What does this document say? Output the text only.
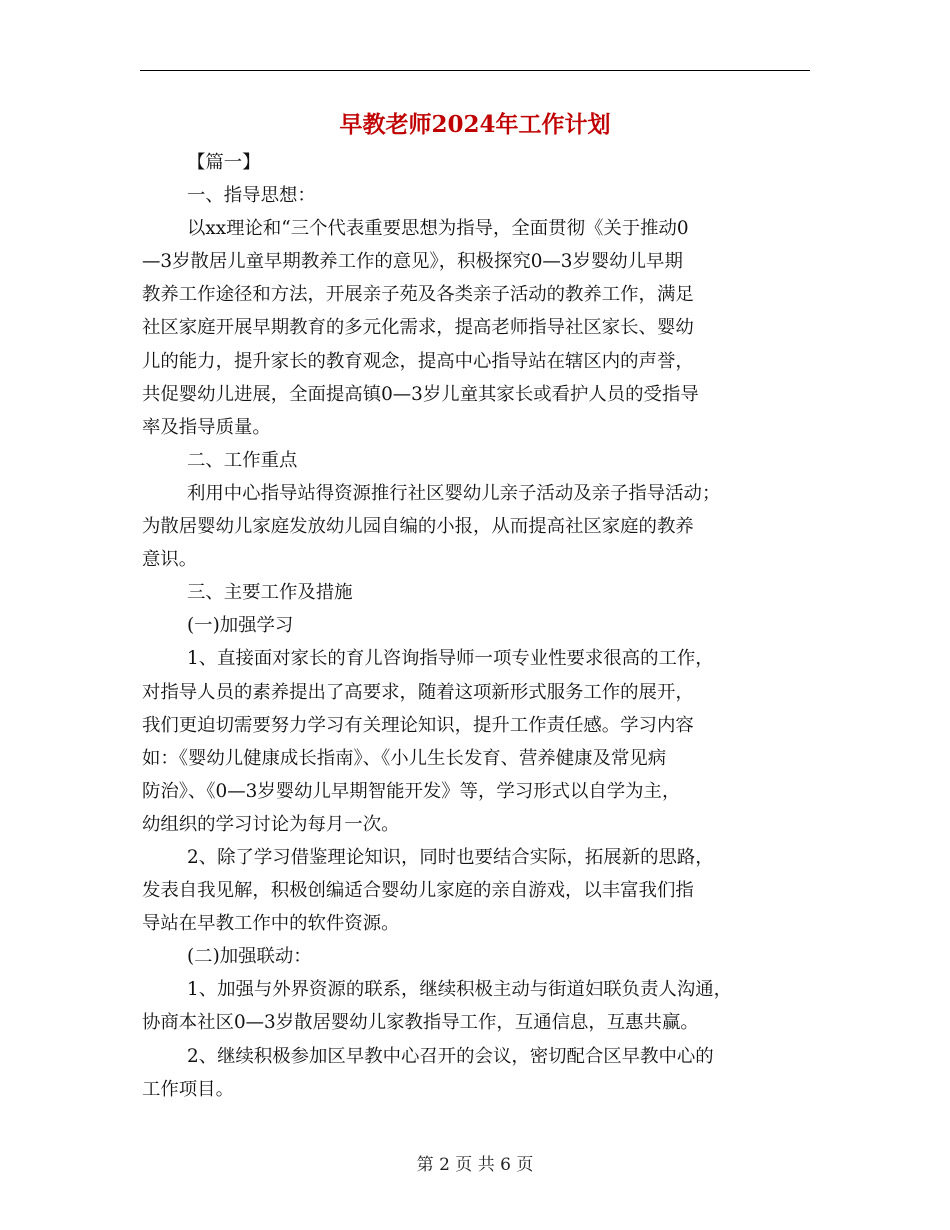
早教老师2024年工作计划
【篇一】
一、指导思想：
以xx理论和“三个代表重要思想为指导，全面贯彻《关于推动0
—3岁散居儿童早期教养工作的意见》，积极探究0—3岁婴幼儿早期
教养工作途径和方法，开展亲子苑及各类亲子活动的教养工作，满足
社区家庭开展早期教育的多元化需求，提高老师指导社区家长、婴幼
儿的能力，提升家长的教育观念，提高中心指导站在辖区内的声誉，
共促婴幼儿进展，全面提高镇0—3岁儿童其家长或看护人员的受指导
率及指导质量。
二、工作重点
利用中心指导站得资源推行社区婴幼儿亲子活动及亲子指导活动；
为散居婴幼儿家庭发放幼儿园自编的小报，从而提高社区家庭的教养
意识。
三、主要工作及措施
(一)加强学习
1、直接面对家长的育儿咨询指导师一项专业性要求很高的工作，
对指导人员的素养提出了高要求，随着这项新形式服务工作的展开，
我们更迫切需要努力学习有关理论知识，提升工作责任感。学习内容
如：《婴幼儿健康成长指南》、《小儿生长发育、营养健康及常见病
防治》、《0—3岁婴幼儿早期智能开发》等，学习形式以自学为主，
幼组织的学习讨论为每月一次。
2、除了学习借鉴理论知识，同时也要结合实际，拓展新的思路，
发表自我见解，积极创编适合婴幼儿家庭的亲自游戏，以丰富我们指
导站在早教工作中的软件资源。
(二)加强联动：
1、加强与外界资源的联系，继续积极主动与街道妇联负责人沟通，
协商本社区0—3岁散居婴幼儿家教指导工作，互通信息，互惠共赢。
2、继续积极参加区早教中心召开的会议，密切配合区早教中心的
工作项目。
第 2 页 共 6 页
